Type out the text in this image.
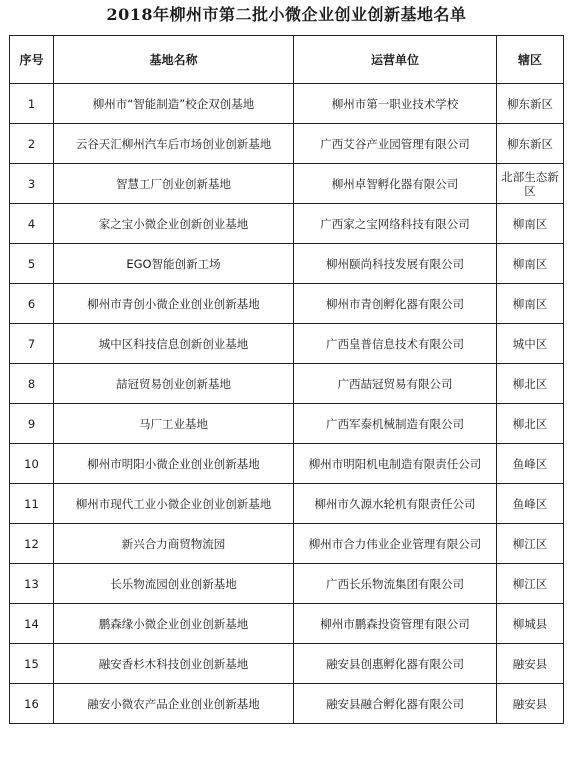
2018年柳州市第二批小微企业创业创新基地名单
序号	基地名称	运营单位	辖区
1	柳州市“智能制造”校企双创基地	柳州市第一职业技术学校	柳东新区
2	云谷天汇柳州汽车后市场创业创新基地	广西艾谷产业园管理有限公司	柳东新区
3	智慧工厂创业创新基地	柳州卓智孵化器有限公司	北部生态新区
4	家之宝小微企业创新创业基地	广西家之宝网络科技有限公司	柳南区
5	EGO智能创新工场	柳州颐尚科技发展有限公司	柳南区
6	柳州市青创小微企业创业创新基地	柳州市青创孵化器有限公司	柳南区
7	城中区科技信息创新创业基地	广西皇普信息技术有限公司	城中区
8	喆冠贸易创业创新基地	广西喆冠贸易有限公司	柳北区
9	马厂工业基地	广西军泰机械制造有限公司	柳北区
10	柳州市明阳小微企业创业创新基地	柳州市明阳机电制造有限责任公司	鱼峰区
11	柳州市现代工业小微企业创业创新基地	柳州市久源水轮机有限责任公司	鱼峰区
12	新兴合力商贸物流园	柳州市合力伟业企业管理有限公司	柳江区
13	长乐物流园创业创新基地	广西长乐物流集团有限公司	柳江区
14	鹏森缘小微企业创业创新基地	柳州市鹏森投资管理有限公司	柳城县
15	融安香杉木科技创业创新基地	融安县创惠孵化器有限公司	融安县
16	融安小微农产品企业创业创新基地	融安县融合孵化器有限公司	融安县
